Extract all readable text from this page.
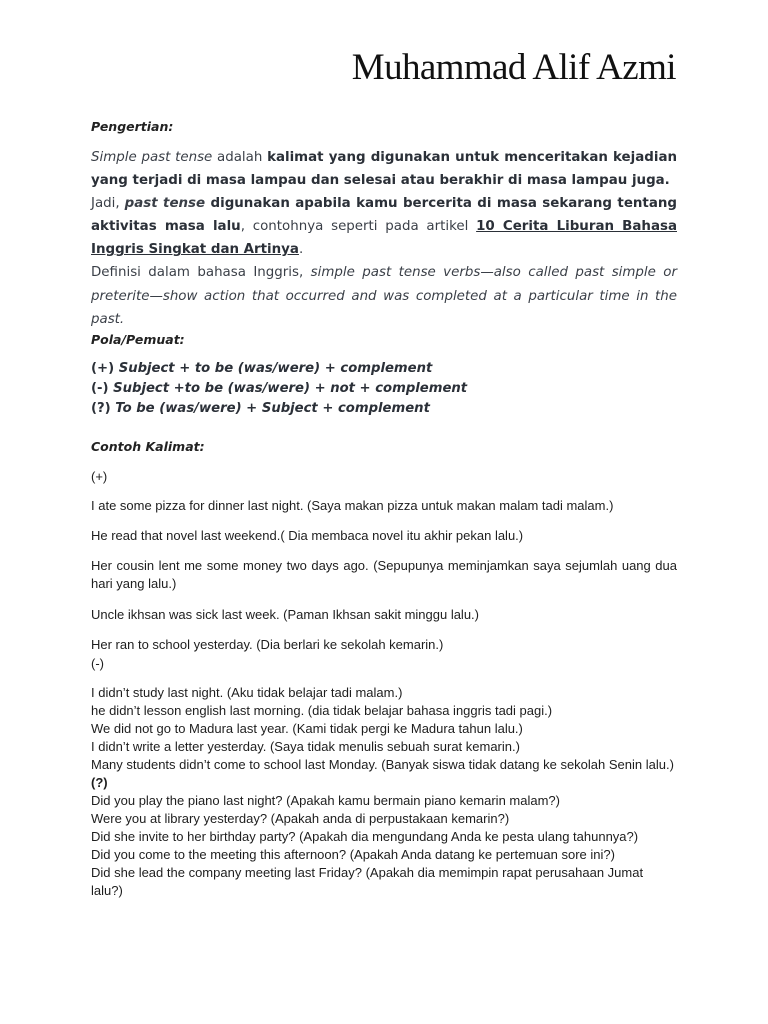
Muhammad Alif Azmi
Pengertian:

Simple past tense adalah kalimat yang digunakan untuk menceritakan kejadian yang terjadi di masa lampau dan selesai atau berakhir di masa lampau juga.

Jadi, past tense digunakan apabila kamu bercerita di masa sekarang tentang aktivitas masa lalu, contohnya seperti pada artikel 10 Cerita Liburan Bahasa Inggris Singkat dan Artinya.

Definisi dalam bahasa Inggris, simple past tense verbs—also called past simple or preterite—show action that occurred and was completed at a particular time in the past.

Pola/Pemuat:
(+) Subject + to be (was/were) + complement
(-) Subject +to be (was/were) + not + complement
(?) To be (was/were) + Subject + complement
Contoh Kalimat:
(+)
I ate some pizza for dinner last night. (Saya makan pizza untuk makan malam tadi malam.)
He read that novel last weekend.( Dia membaca novel itu akhir pekan lalu.)
Her cousin lent me some money two days ago. (Sepupunya meminjamkan saya sejumlah uang dua hari yang lalu.)
Uncle ikhsan was sick last week. (Paman Ikhsan sakit minggu lalu.)
Her ran to school yesterday. (Dia berlari ke sekolah kemarin.)
(-)
I didn’t study last night. (Aku tidak belajar tadi malam.)
he didn’t lesson english last morning. (dia tidak belajar bahasa inggris tadi pagi.)
We did not go to Madura last year. (Kami tidak pergi ke Madura tahun lalu.)
I didn’t write a letter yesterday. (Saya tidak menulis sebuah surat kemarin.)
Many students didn’t come to school last Monday. (Banyak siswa tidak datang ke sekolah Senin lalu.)
(?)
Did you play the piano last night? (Apakah kamu bermain piano kemarin malam?)
Were you at library yesterday? (Apakah anda di perpustakaan kemarin?)
Did she invite to her birthday party? (Apakah dia mengundang Anda ke pesta ulang tahunnya?)
Did you come to the meeting this afternoon? (Apakah Anda datang ke pertemuan sore ini?)
Did she lead the company meeting last Friday? (Apakah dia memimpin rapat perusahaan Jumat lalu?)
